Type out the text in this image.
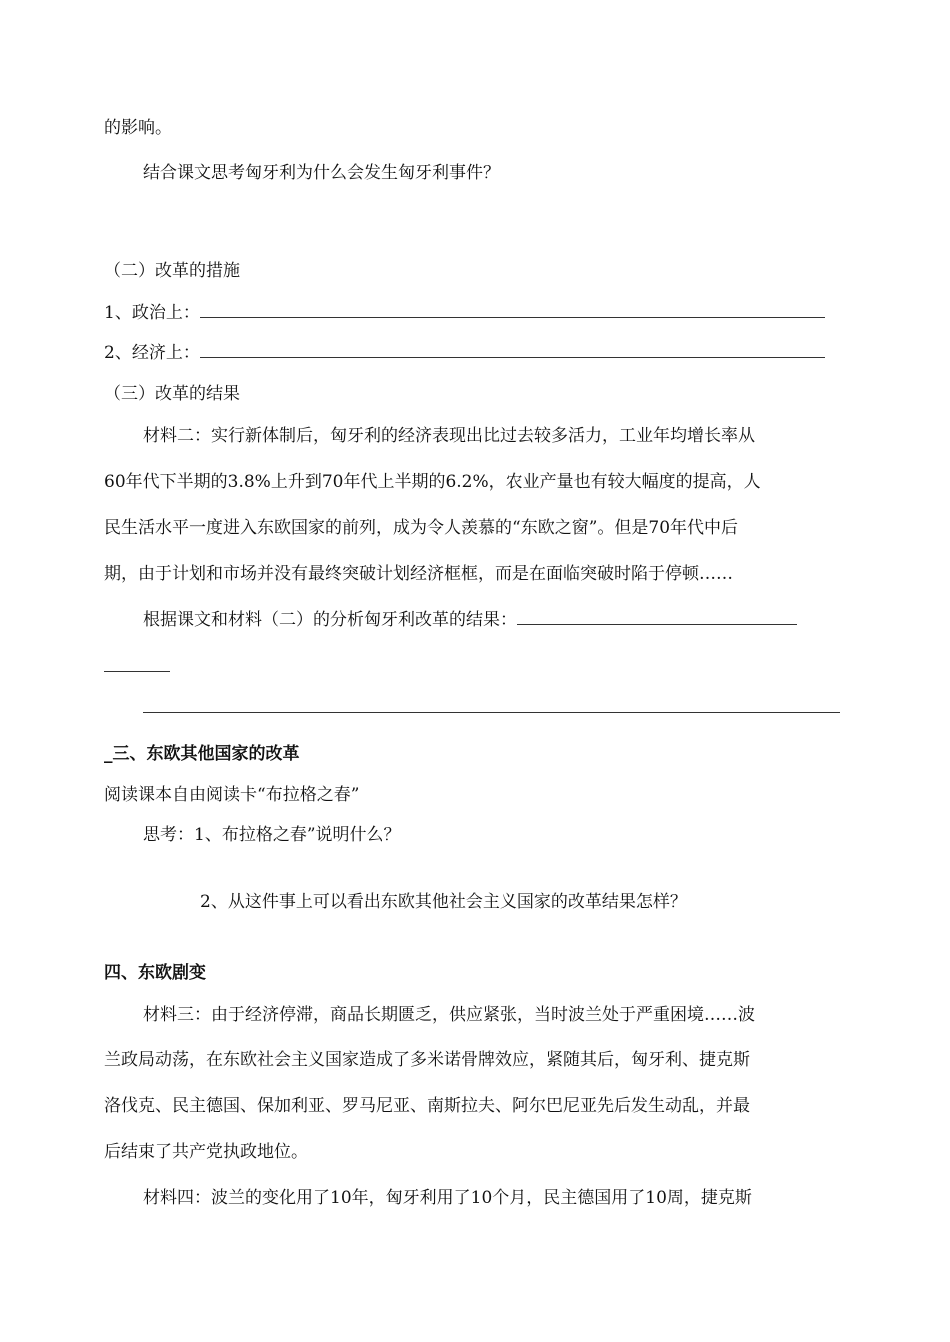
的影响。
结合课文思考匈牙利为什么会发生匈牙利事件？
（二）改革的措施
1、政治上：
2、经济上：
（三）改革的结果
材料二：实行新体制后，匈牙利的经济表现出比过去较多活力，工业年均增长率从
60年代下半期的3.8%上升到70年代上半期的6.2%，农业产量也有较大幅度的提高，人
民生活水平一度进入东欧国家的前列，成为令人羡慕的“东欧之窗”。但是70年代中后
期，由于计划和市场并没有最终突破计划经济框框，而是在面临突破时陷于停顿……
根据课文和材料（二）的分析匈牙利改革的结果：
_三、东欧其他国家的改革
阅读课本自由阅读卡“布拉格之春”
思考：1、布拉格之春”说明什么？
2、从这件事上可以看出东欧其他社会主义国家的改革结果怎样？
四、东欧剧变
材料三：由于经济停滞，商品长期匮乏，供应紧张，当时波兰处于严重困境……波
兰政局动荡，在东欧社会主义国家造成了多米诺骨牌效应，紧随其后，匈牙利、捷克斯
洛伐克、民主德国、保加利亚、罗马尼亚、南斯拉夫、阿尔巴尼亚先后发生动乱，并最
后结束了共产党执政地位。
材料四：波兰的变化用了10年，匈牙利用了10个月，民主德国用了10周，捷克斯
